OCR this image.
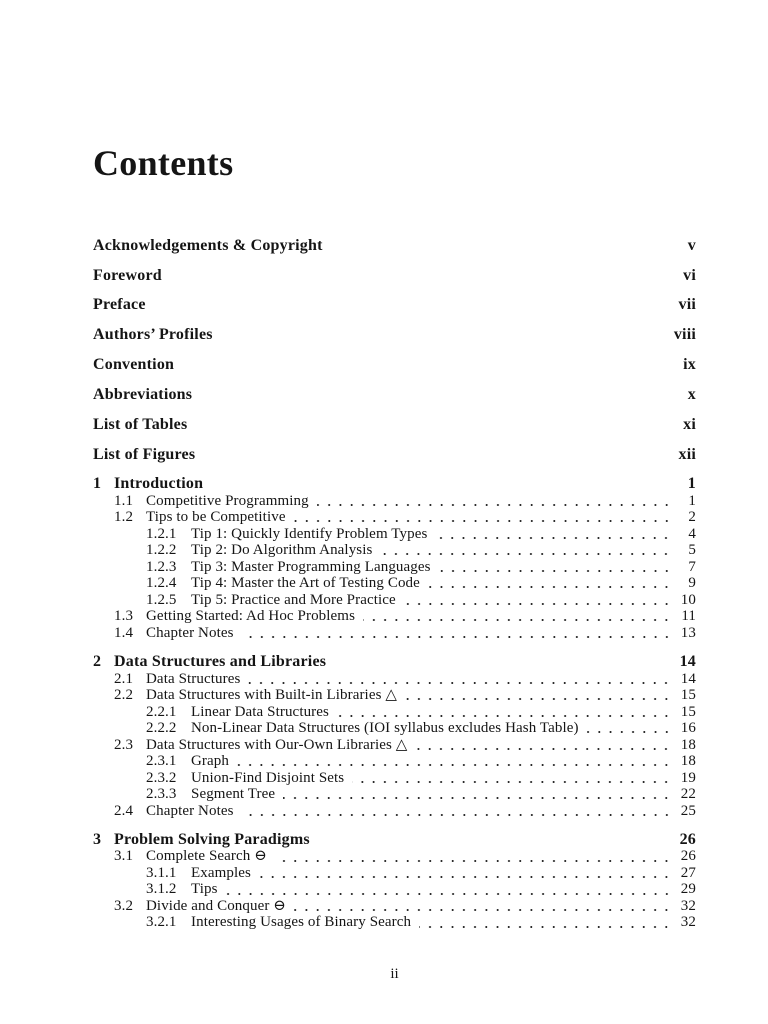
Contents
Acknowledgements & Copyright	v
Foreword	vi
Preface	vii
Authors’ Profiles	viii
Convention	ix
Abbreviations	x
List of Tables	xi
List of Figures	xii
1 Introduction	1
1.1 Competitive Programming	1
1.2 Tips to be Competitive	2
1.2.1 Tip 1: Quickly Identify Problem Types	4
1.2.2 Tip 2: Do Algorithm Analysis	5
1.2.3 Tip 3: Master Programming Languages	7
1.2.4 Tip 4: Master the Art of Testing Code	9
1.2.5 Tip 5: Practice and More Practice	10
1.3 Getting Started: Ad Hoc Problems	11
1.4 Chapter Notes	13
2 Data Structures and Libraries	14
2.1 Data Structures	14
2.2 Data Structures with Built-in Libraries △	15
2.2.1 Linear Data Structures	15
2.2.2 Non-Linear Data Structures (IOI syllabus excludes Hash Table)	16
2.3 Data Structures with Our-Own Libraries △	18
2.3.1 Graph	18
2.3.2 Union-Find Disjoint Sets	19
2.3.3 Segment Tree	22
2.4 Chapter Notes	25
3 Problem Solving Paradigms	26
3.1 Complete Search ⊖	26
3.1.1 Examples	27
3.1.2 Tips	29
3.2 Divide and Conquer ⊖	32
3.2.1 Interesting Usages of Binary Search	32
ii
